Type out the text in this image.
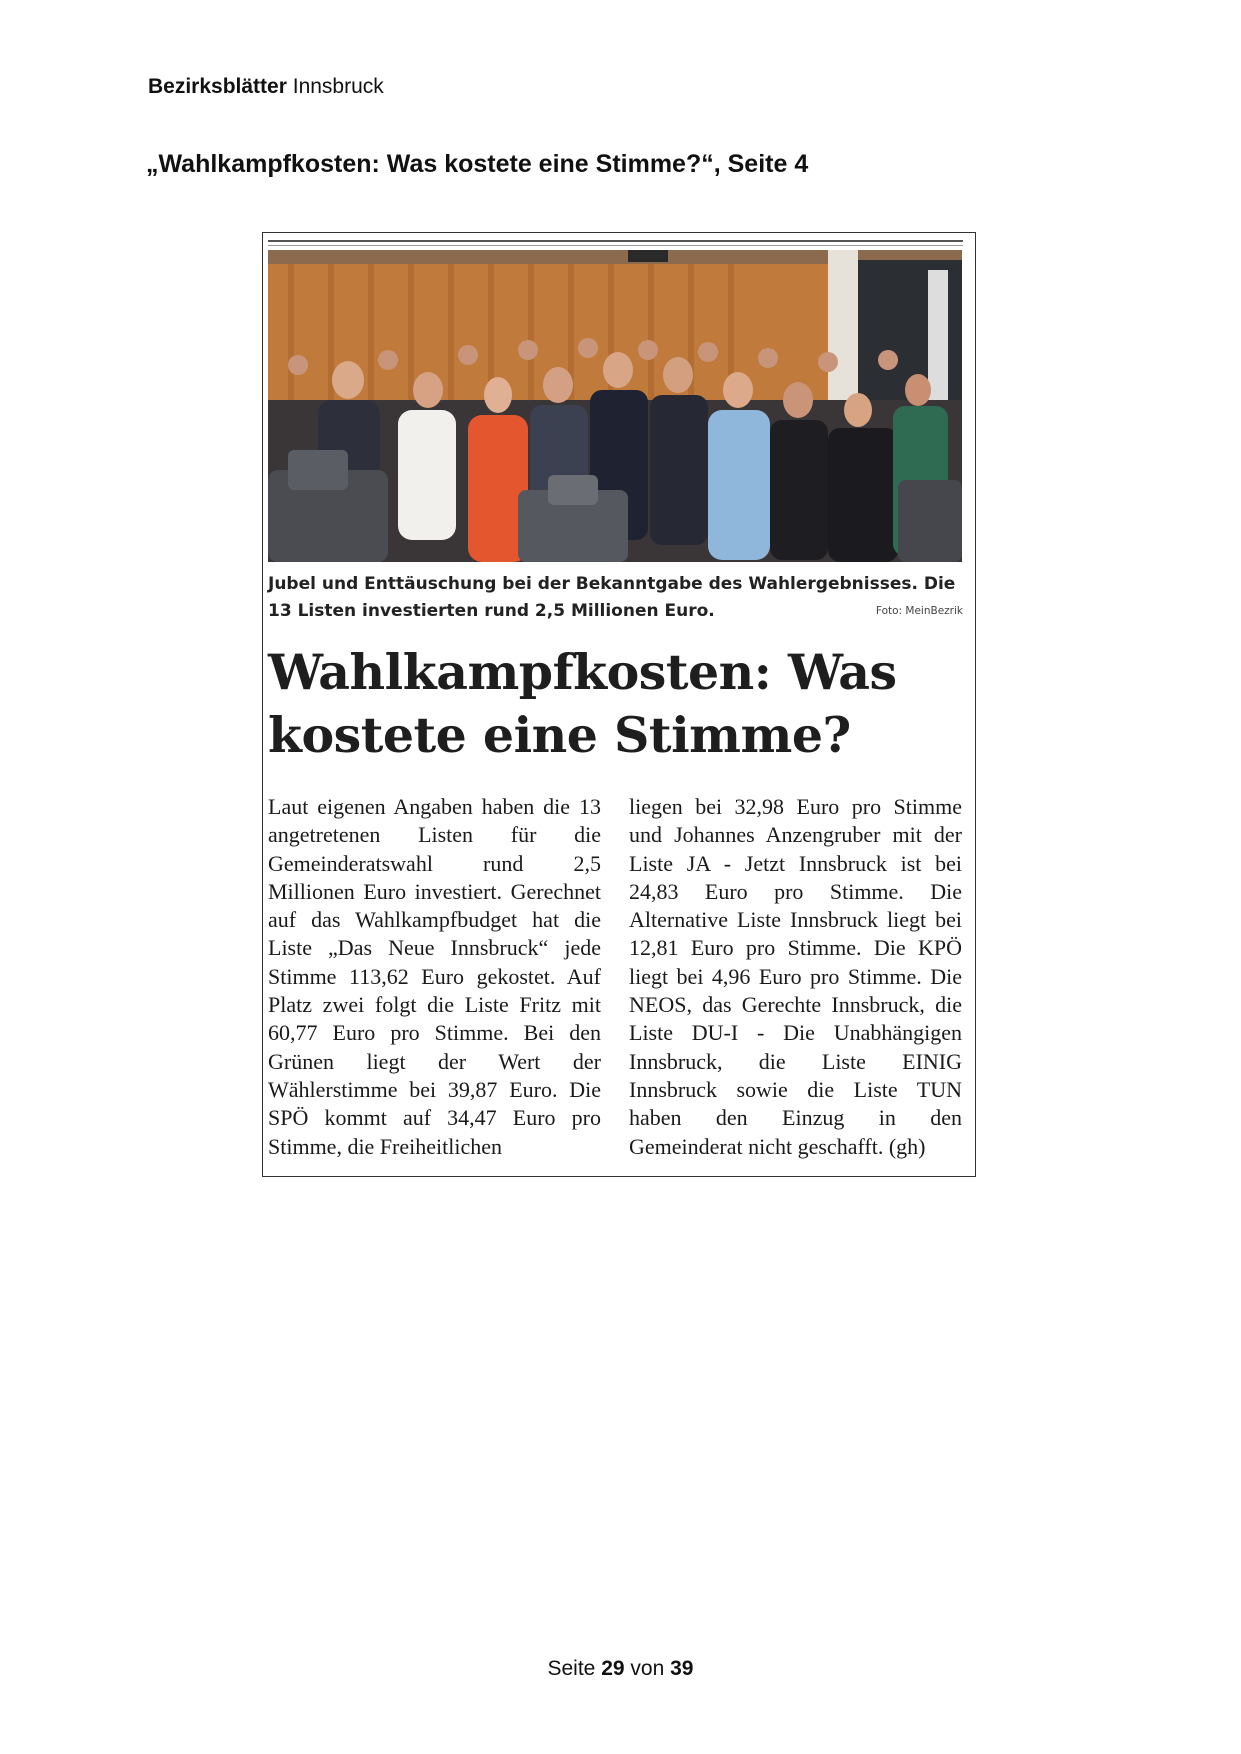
Bezirksblätter Innsbruck
„Wahlkampfkosten: Was kostete eine Stimme?“, Seite 4
Jubel und Enttäuschung bei der Bekanntgabe des Wahlergebnisses. Die 13 Listen investierten rund 2,5 Millionen Euro.	Foto: MeinBezrik
Wahlkampfkosten: Was kostete eine Stimme?
Laut eigenen Angaben haben die 13 angetretenen Listen für die Gemeinderatswahl rund 2,5 Millionen Euro investiert. Gerechnet auf das Wahlkampfbudget hat die Liste „Das Neue Innsbruck“ jede Stimme 113,62 Euro gekostet. Auf Platz zwei folgt die Liste Fritz mit 60,77 Euro pro Stimme. Bei den Grünen liegt der Wert der Wählerstimme bei 39,87 Euro. Die SPÖ kommt auf 34,47 Euro pro Stimme, die Freiheitlichen
liegen bei 32,98 Euro pro Stimme und Johannes Anzengruber mit der Liste JA - Jetzt Innsbruck ist bei 24,83 Euro pro Stimme. Die Alternative Liste Innsbruck liegt bei 12,81 Euro pro Stimme. Die KPÖ liegt bei 4,96 Euro pro Stimme. Die NEOS, das Gerechte Innsbruck, die Liste DU-I - Die Unabhängigen Innsbruck, die Liste EINIG Innsbruck sowie die Liste TUN haben den Einzug in den Gemeinderat nicht geschafft. (gh)
Seite 29 von 39
